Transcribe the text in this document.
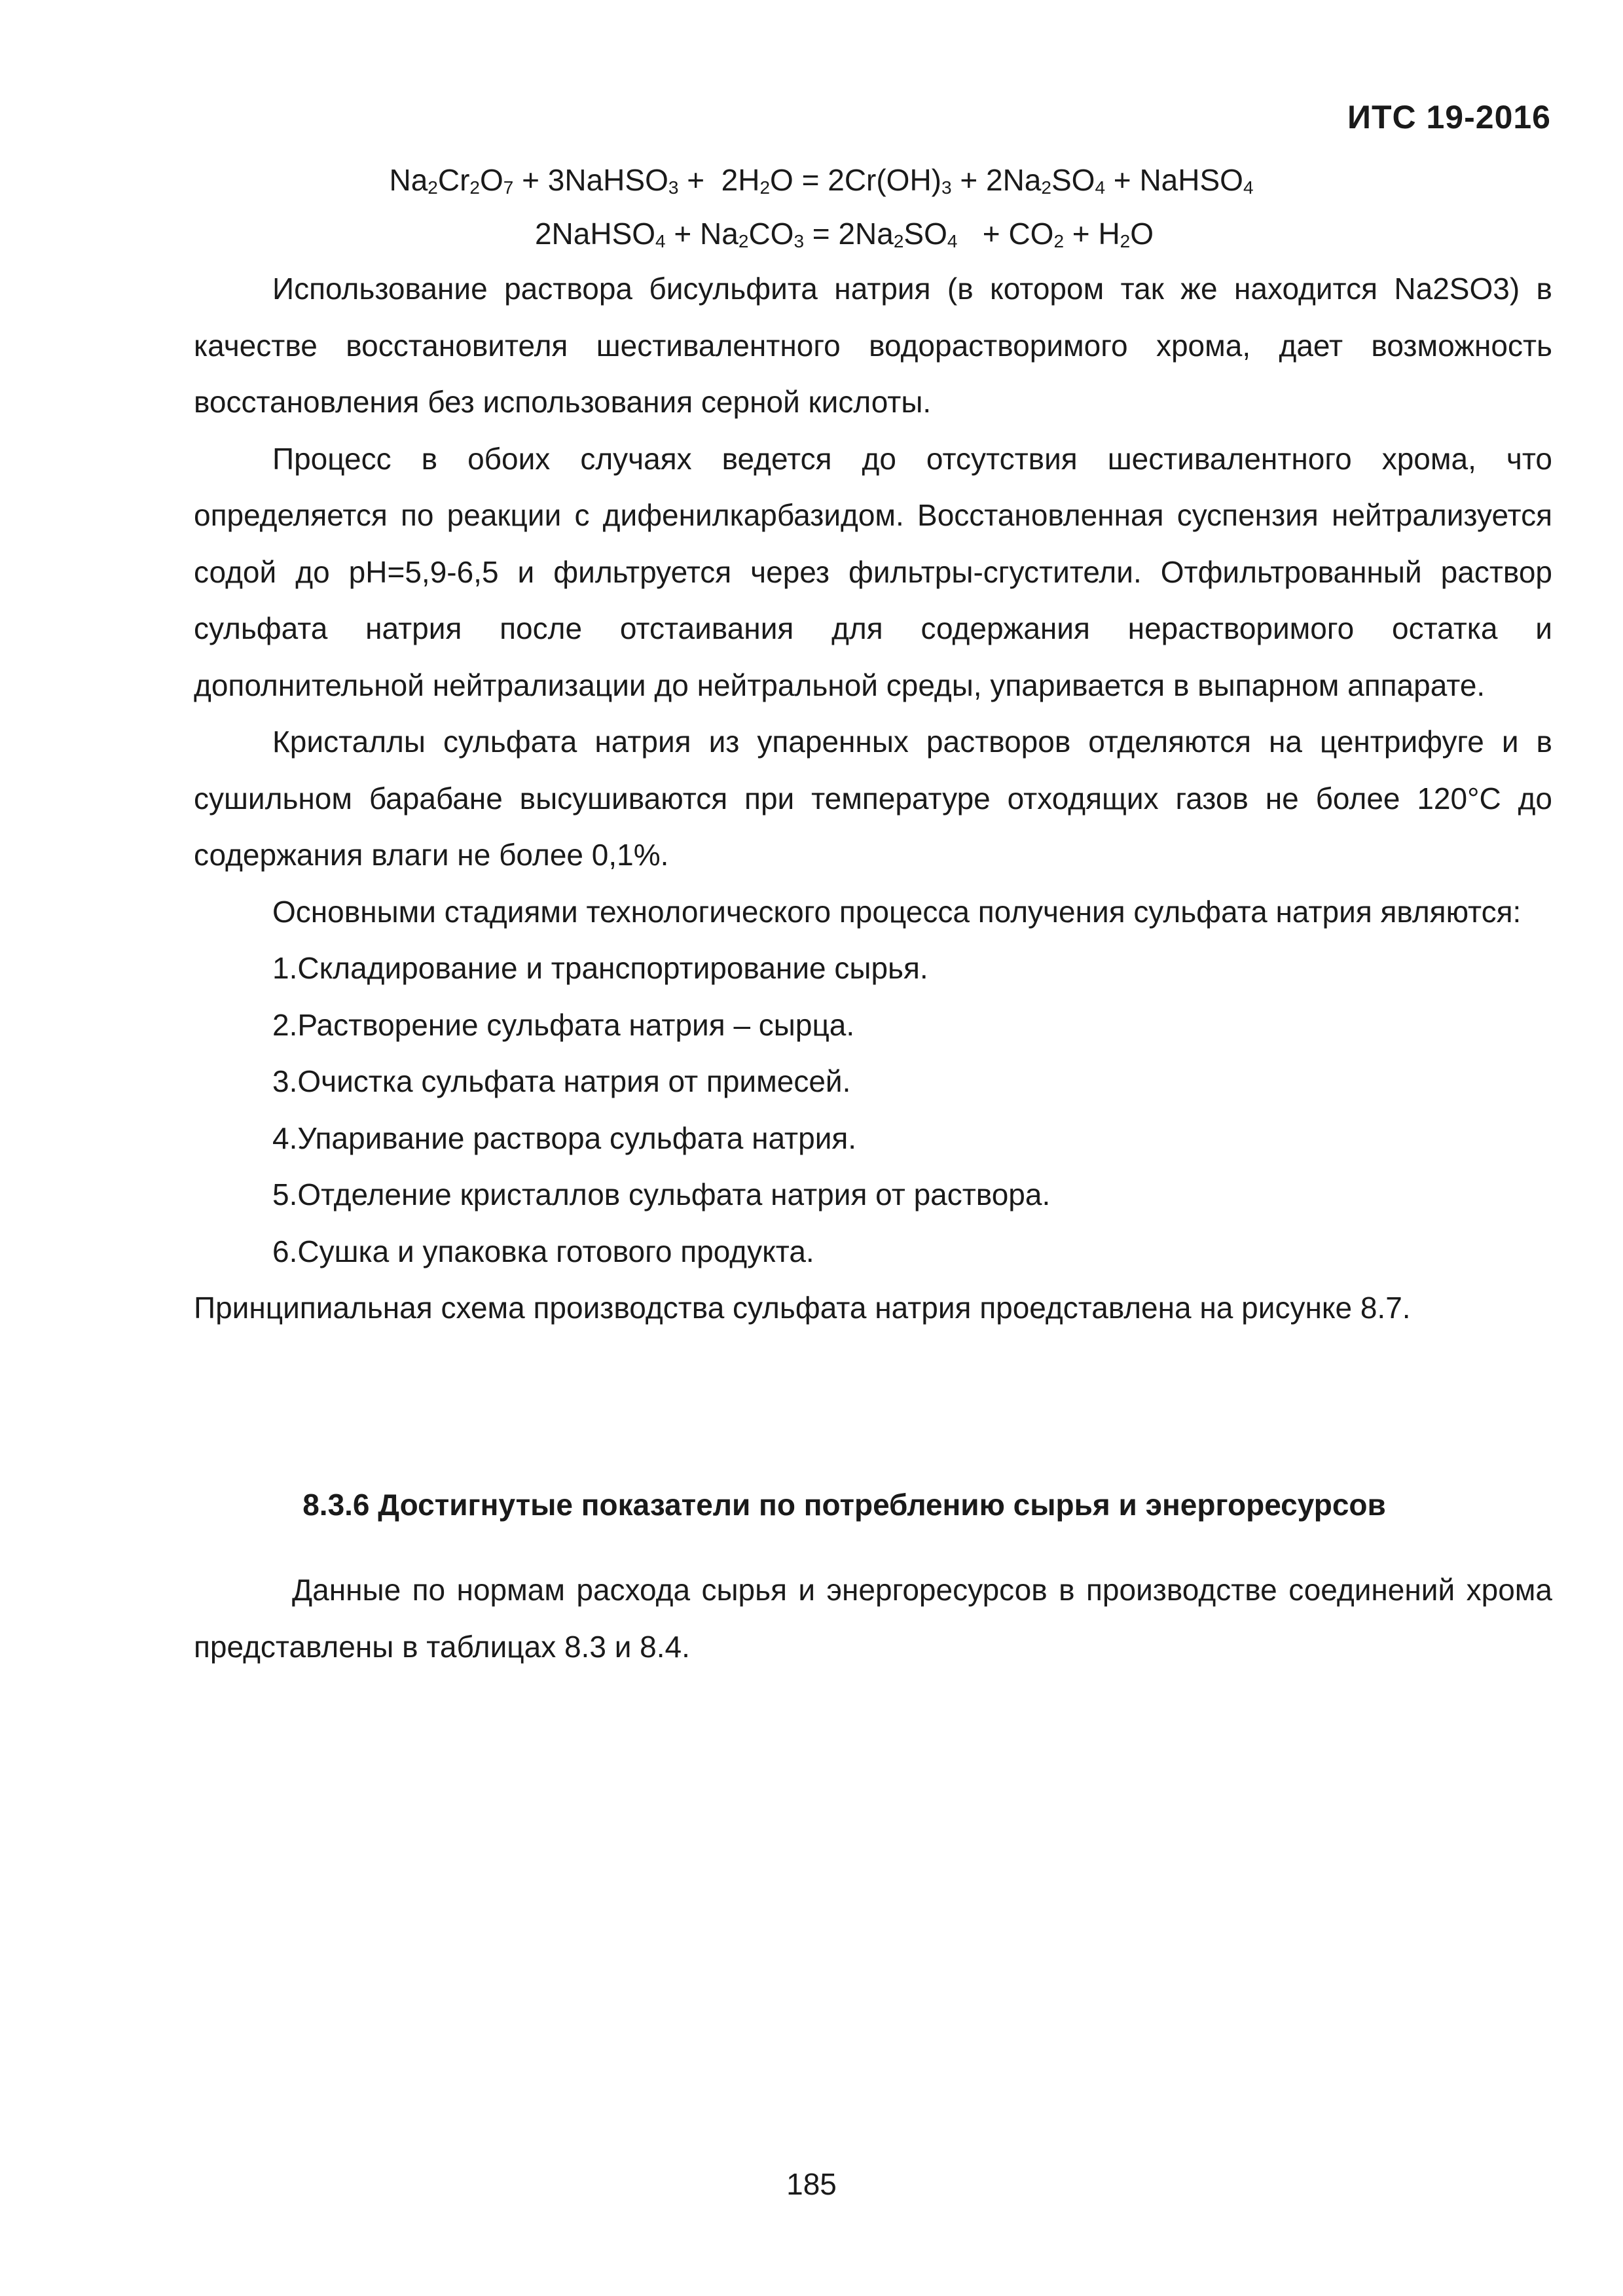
ИТС 19-2016
$Na_2Cr_2O_7$ + 3NaHSO$_3$ +  $2H_2O = 2Cr(OH)_3 + 2Na_2SO_4$ + NaHSO$_4$
2NaHSO$_4$ + $Na_2CO_3 = 2Na_2SO_4 + CO_2 + H_2O$

Использование раствора бисульфита натрия (в котором так же находится Na2SO3) в качестве восстановителя шестивалентного водорастворимого хрома, дает возможность восстановления без использования серной кислоты.

Процесс в обоих случаях ведется до отсутствия шестивалентного хрома, что определяется по реакции с дифенилкарбазидом. Восстановленная суспензия нейтрализуется содой до pH=5,9-6,5 и фильтруется через фильтры-сгустители. Отфильтрованный раствор сульфата натрия после отстаивания для содержания нерастворимого остатка и дополнительной нейтрализации до нейтральной среды, упаривается в выпарном аппарате.

Кристаллы сульфата натрия из упаренных растворов отделяются на центрифуге и в сушильном барабане высушиваются при температуре отходящих газов не более 120°С до содержания влаги не более 0,1%.

Основными стадиями технологического процесса получения сульфата натрия являются:

1.Складирование и транспортирование сырья.

2.Растворение сульфата натрия – сырца.

3.Очистка сульфата натрия от примесей.

4.Упаривание раствора сульфата натрия.

5.Отделение кристаллов сульфата натрия от раствора.

6.Сушка и упаковка готового продукта.

Принципиальная схема производства сульфата натрия проедставлена на рисунке 8.7.

8.3.6 Достигнутые показатели по потреблению сырья и энергоресурсов

Данные по нормам расхода сырья и энергоресурсов в производстве соединений хрома представлены в таблицах 8.3 и 8.4.

185
